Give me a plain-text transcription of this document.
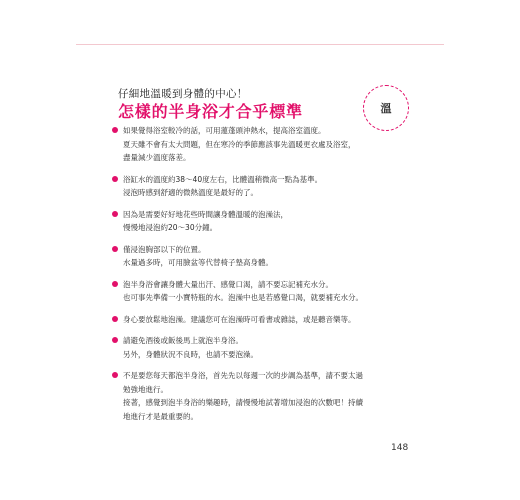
仔細地溫暖到身體的中心！
怎樣的半身浴才合乎標準	溫
如果覺得浴室較冷的話，可用蓮蓬頭沖熱水，提高浴室溫度。
夏天雖不會有太大問題，但在寒冷的季節應該事先溫暖更衣處及浴室，
盡量減少溫度落差。
浴缸水的溫度約38～40度左右，比體溫稍微高一點為基準。
浸泡時感到舒適的微熱溫度是最好的了。
因為是需要好好地花些時間讓身體溫暖的泡澡法，
慢慢地浸泡約20～30分鐘。
僅浸泡胸部以下的位置。
水量過多時，可用臉盆等代替椅子墊高身體。
泡半身浴會讓身體大量出汗、感覺口渴，請不要忘記補充水分。
也可事先準備一小寶特瓶的水。泡澡中也是若感覺口渴，就要補充水分。
身心要放鬆地泡澡。建議您可在泡澡時可看書或雜誌，或是聽音樂等。
請避免酒後或飯後馬上就泡半身浴。
另外，身體狀況不良時，也請不要泡澡。
不是要您每天都泡半身浴，首先先以每週一次的步調為基準，請不要太過
勉強地進行。
接著，感覺到泡半身浴的樂趣時，請慢慢地試著增加浸泡的次數吧！持續
地進行才是最重要的。
148
